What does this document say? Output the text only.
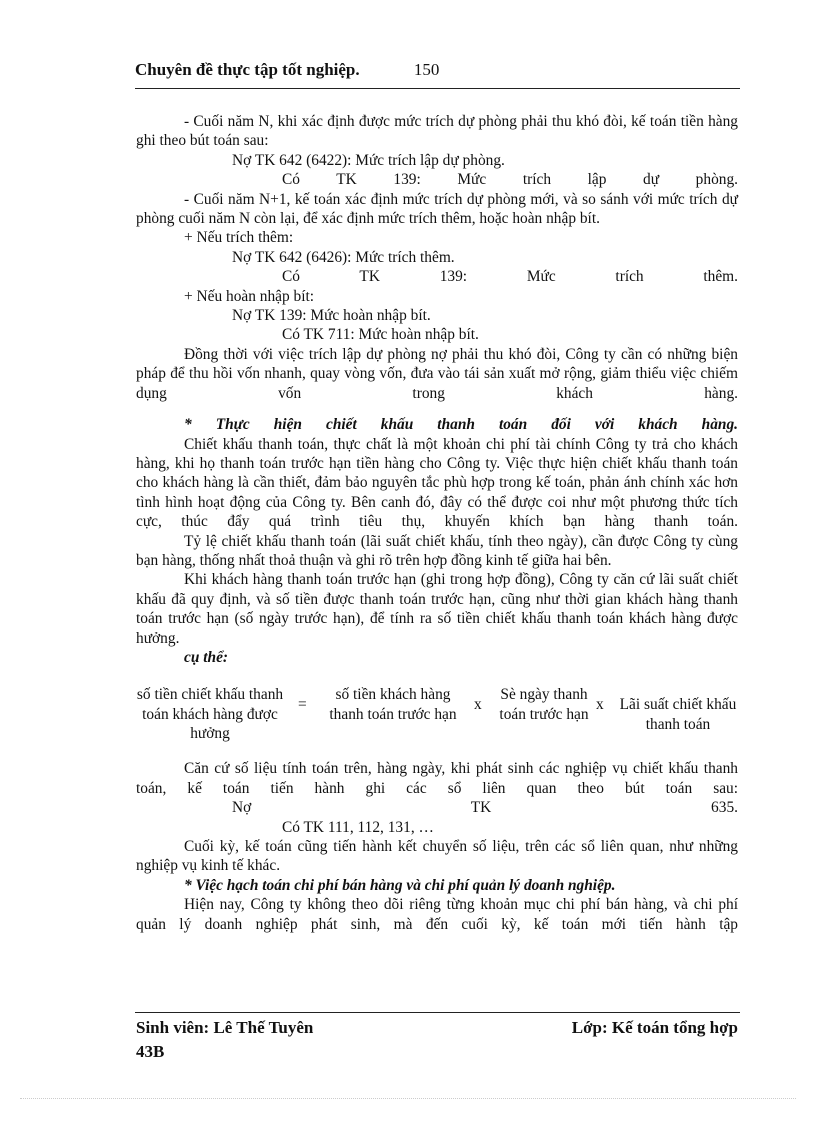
Chuyên đề thực tập tốt nghiệp.	150

- Cuối năm N, khi xác định được mức trích dự phòng phải thu khó đòi, kế toán tiền hàng ghi theo bút toán sau:

Nợ TK 642 (6422): Mức trích lập dự phòng.

Có TK 139: Mức trích lập dự phòng.

- Cuối năm N+1, kế toán xác định mức trích dự phòng mới, và so sánh với mức trích dự phòng cuối năm N còn lại, để xác định mức trích thêm, hoặc hoàn nhập bít.

+ Nếu trích thêm:

Nợ TK 642 (6426): Mức trích thêm.

Có TK 139: Mức trích thêm.

+ Nếu hoàn nhập bít:

Nợ TK 139: Mức hoàn nhập bít.

Có TK 711: Mức hoàn nhập bít.

Đồng thời với việc trích lập dự phòng nợ phải thu khó đòi, Công ty cần có những biện pháp để thu hồi vốn nhanh, quay vòng vốn, đưa vào tái sản xuất mở rộng, giảm thiểu việc chiếm dụng vốn trong khách hàng.

* Thực hiện chiết khấu thanh toán đối với khách hàng.

Chiết khấu thanh toán, thực chất là một khoản chi phí tài chính Công ty trả cho khách hàng, khi họ thanh toán trước hạn tiền hàng cho Công ty. Việc thực hiện chiết khấu thanh toán cho khách hàng là cần thiết, đảm bảo nguyên tắc phù hợp trong kế toán, phản ánh chính xác hơn tình hình hoạt động của Công ty. Bên canh đó, đây có thể được coi như một phương thức tích cực, thúc đẩy quá trình tiêu thụ, khuyến khích bạn hàng thanh toán.

Tỷ lệ chiết khấu thanh toán (lãi suất chiết khấu, tính theo ngày), cần được Công ty cùng bạn hàng, thống nhất thoả thuận và ghi rõ trên hợp đồng kinh tế giữa hai bên.

Khi khách hàng thanh toán trước hạn (ghi trong hợp đồng), Công ty căn cứ lãi suất chiết khấu đã quy định, và số tiền được thanh toán trước hạn, cũng như thời gian khách hàng thanh toán trước hạn (số ngày trước hạn), để tính ra số tiền chiết khấu thanh toán khách hàng được hưởng.

cụ thể:

số tiền chiết khấu thanh toán khách hàng được hưởng
=
số tiền khách hàng thanh toán trước hạn
x
Sè ngày thanh toán trước hạn
x Lãi suất chiết khấu thanh toán

Căn cứ số liệu tính toán trên, hàng ngày, khi phát sinh các nghiệp vụ chiết khấu thanh toán, kế toán tiến hành ghi các sổ liên quan theo bút toán sau:

Nợ TK 635.

Có TK 111, 112, 131, …

Cuối kỳ, kế toán cũng tiến hành kết chuyển số liệu, trên các sổ liên quan, như những nghiệp vụ kinh tế khác.

* Việc hạch toán chi phí bán hàng và chi phí quản lý doanh nghiệp.

Hiện nay, Công ty không theo dõi riêng từng khoản mục chi phí bán hàng, và chi phí quản lý doanh nghiệp phát sinh, mà đến cuối kỳ, kế toán mới tiến hành tập

Sinh viên: Lê Thế Tuyên
43B
Lớp: Kế toán tổng hợp
